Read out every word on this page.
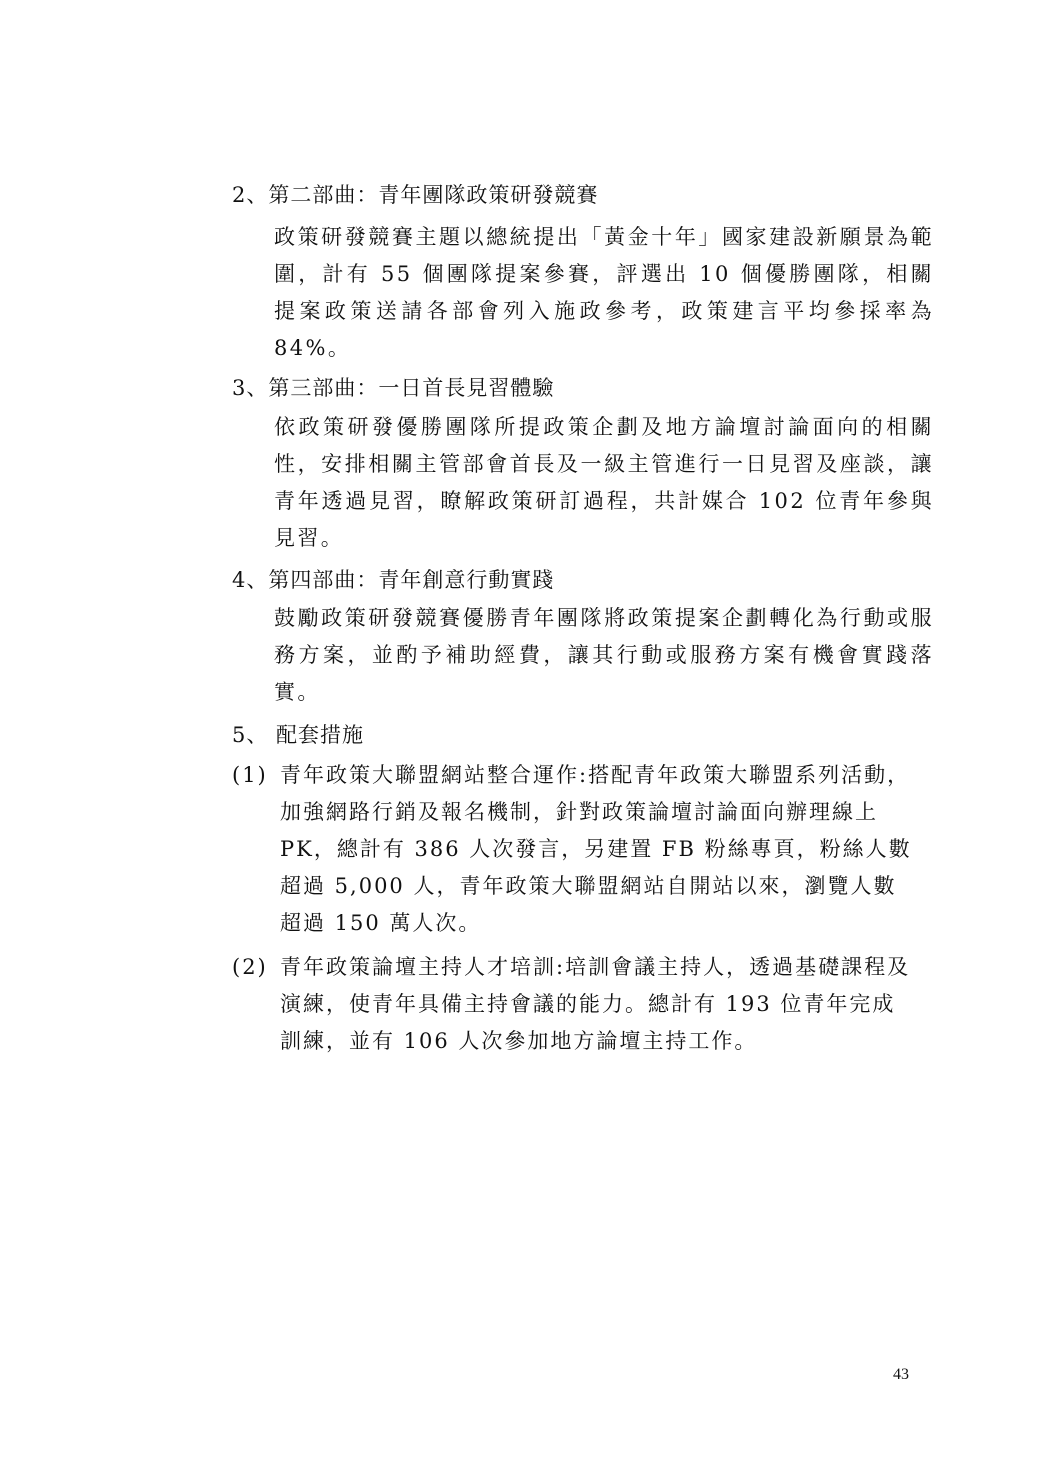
2、第二部曲：青年團隊政策研發競賽
政策研發競賽主題以總統提出「黃金十年」國家建設新願景為範圍，計有 55 個團隊提案參賽，評選出 10 個優勝團隊，相關提案政策送請各部會列入施政參考，政策建言平均參採率為84%。
3、第三部曲：一日首長見習體驗
依政策研發優勝團隊所提政策企劃及地方論壇討論面向的相關性，安排相關主管部會首長及一級主管進行一日見習及座談，讓青年透過見習，瞭解政策研訂過程，共計媒合 102 位青年參與見習。
4、第四部曲：青年創意行動實踐
鼓勵政策研發競賽優勝青年團隊將政策提案企劃轉化為行動或服務方案，並酌予補助經費，讓其行動或服務方案有機會實踐落實。
5、 配套措施
(1) 青年政策大聯盟網站整合運作:搭配青年政策大聯盟系列活動，加強網路行銷及報名機制，針對政策論壇討論面向辦理線上 PK，總計有 386 人次發言，另建置 FB 粉絲專頁，粉絲人數超過 5,000 人，青年政策大聯盟網站自開站以來，瀏覽人數超過 150 萬人次。
(2) 青年政策論壇主持人才培訓:培訓會議主持人，透過基礎課程及演練，使青年具備主持會議的能力。總計有 193 位青年完成訓練，並有 106 人次參加地方論壇主持工作。
43
